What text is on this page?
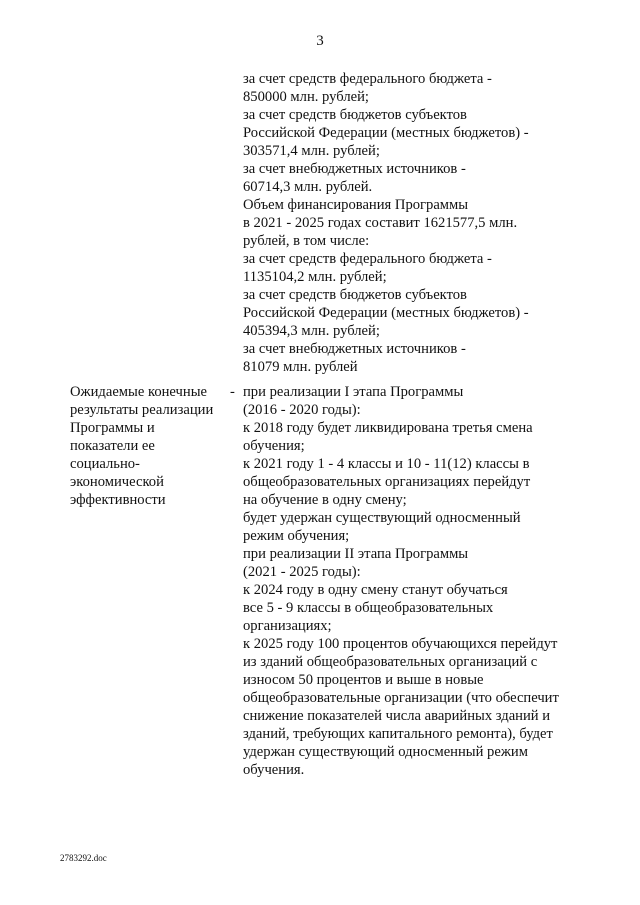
3
за счет средств федерального бюджета -
850000 млн. рублей;
за счет средств бюджетов субъектов
Российской Федерации (местных бюджетов) -
303571,4 млн. рублей;
за счет внебюджетных источников -
60714,3 млн. рублей.
Объем финансирования Программы
в 2021 - 2025 годах составит 1621577,5 млн.
рублей, в том числе:
за счет средств федерального бюджета -
1135104,2 млн. рублей;
за счет средств бюджетов субъектов
Российской Федерации (местных бюджетов) -
405394,3 млн. рублей;
за счет внебюджетных источников -
81079 млн. рублей
Ожидаемые конечные
результаты реализации
Программы и
показатели ее
социально-
экономической
эффективности
- при реализации I этапа Программы
(2016 - 2020 годы):
к 2018 году будет ликвидирована третья смена
обучения;
к 2021 году 1 - 4 классы и 10 - 11(12) классы в
общеобразовательных организациях перейдут
на обучение в одну смену;
будет удержан существующий односменный
режим обучения;
при реализации II этапа Программы
(2021 - 2025 годы):
к 2024 году в одну смену станут обучаться
все 5 - 9 классы в общеобразовательных
организациях;
к 2025 году 100 процентов обучающихся перейдут
из зданий общеобразовательных организаций с
износом 50 процентов и выше в новые
общеобразовательные организации (что обеспечит
снижение показателей числа аварийных зданий и
зданий, требующих капитального ремонта), будет
удержан существующий односменный режим
обучения.
2783292.doc
